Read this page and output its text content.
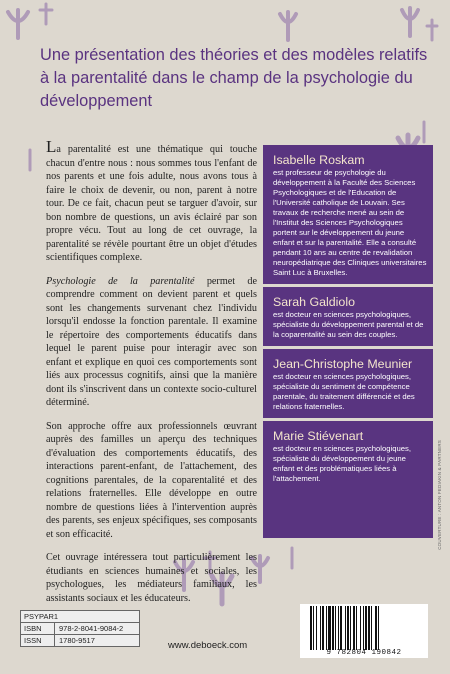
Une présentation des théories et des modèles relatifs à la parentalité dans le champ de la psychologie du développement

La parentalité est une thématique qui touche chacun d'entre nous : nous sommes tous l'enfant de nos parents et une fois adulte, nous avons tous à faire le choix de devenir, ou non, parent à notre tour. De ce fait, chacun peut se targuer d'avoir, sur bon nombre de questions, un avis éclairé par son propre vécu. Tout au long de cet ouvrage, la parentalité se révèle pourtant être un objet d'études scientifiques complexe.

Psychologie de la parentalité permet de comprendre comment on devient parent et quels sont les changements survenant chez l'individu lorsqu'il endosse la fonction parentale. Il examine le répertoire des comportements éducatifs dans lequel le parent puise pour interagir avec son enfant et explique en quoi ces comportements sont liés aux processus cognitifs, ainsi que la manière dont ils s'inscrivent dans un contexte socio-culturel déterminé.

Son approche offre aux professionnels œuvrant auprès des familles un aperçu des techniques d'évaluation des comportements éducatifs, des interactions parent-enfant, de l'attachement, des cognitions parentales, de la coparentalité et des relations fraternelles. Elle développe en outre nombre de questions liées à l'intervention auprès des parents, ses enjeux spécifiques, ses composants et son efficacité.

Cet ouvrage intéressera tout particulièrement les étudiants en sciences humaines et sociales, les psychologues, les médiateurs familiaux, les assistants sociaux et les éducateurs.

Isabelle Roskam
est professeur de psychologie du développement à la Faculté des Sciences Psychologiques et de l'Education de l'Université catholique de Louvain. Ses travaux de recherche mené au sein de l'Institut des Sciences Psychologiques portent sur le développement du jeune enfant et sur la parentalité. Elle a consulté pendant 10 ans au centre de revalidation neuropédiatrique des Cliniques universitaires Saint Luc à Bruxelles.
Sarah Galdiolo
est docteur en sciences psychologiques, spécialiste du développement parental et de la coparentalité au sein des couples.
Jean-Christophe Meunier
est docteur en sciences psychologiques, spécialiste du sentiment de compétence parentale, du traitement différencié et des relations fraternelles.
Marie Stiévenart
est docteur en sciences psychologiques, spécialiste du développement du jeune enfant et des problématiques liées à l'attachement.	COUVERTURE : ANTON FEDIAKIN & PARTNERS
PSYPAR1
ISBN	978-2-8041-9084-2
ISSN	1780-9517	www.deboeck.com
9 782804 190842
